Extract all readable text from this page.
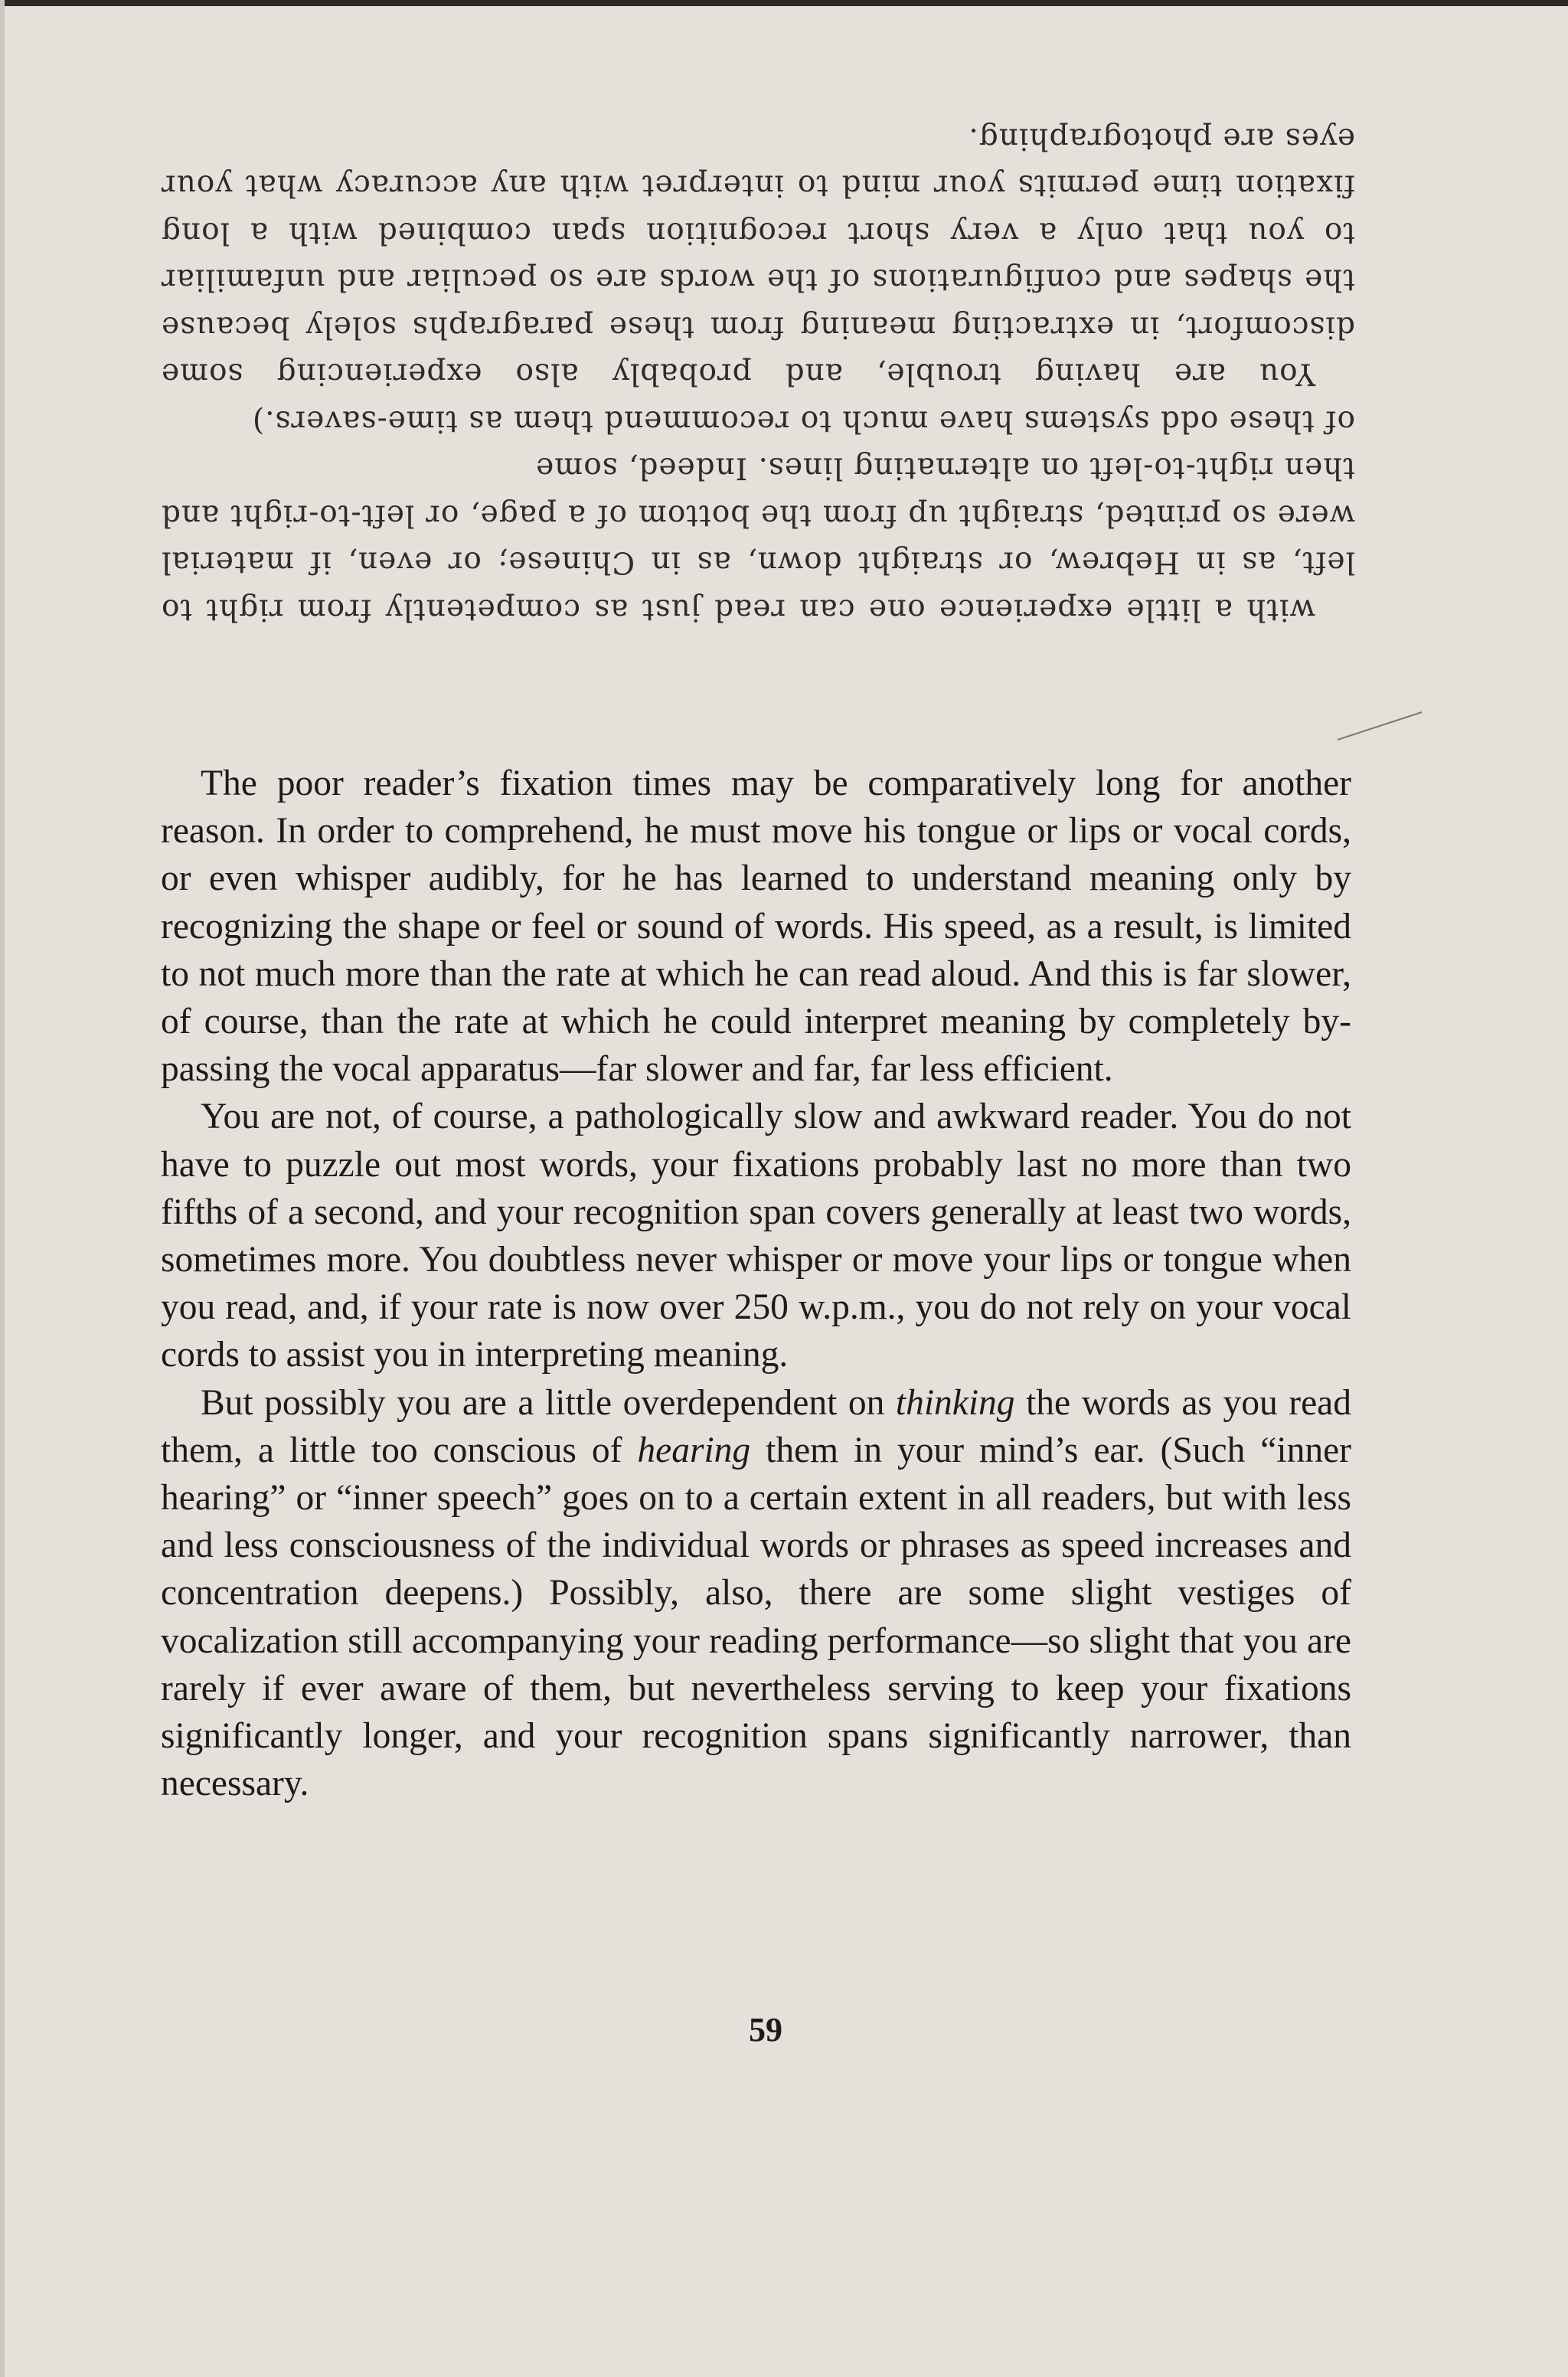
with a little experience one can read just as competently from right to left, as in Hebrew, or straight down, as in Chinese; or even, if material were so printed, straight up from the bottom of a page, or left-to-right and then right-to-left on alternating lines. Indeed, some

of these odd systems have much to recommend them as time-savers.)

You are having trouble, and probably also experiencing some discomfort, in extracting meaning from these paragraphs solely because the shapes and configurations of the words are so peculiar and unfamiliar to you that only a very short recognition span combined with a long fixation time permits your mind to interpret with any accuracy what your eyes are photographing.

The poor reader’s fixation times may be comparatively long for another reason. In order to comprehend, he must move his tongue or lips or vocal cords, or even whisper audibly, for he has learned to understand meaning only by recognizing the shape or feel or sound of words. His speed, as a result, is limited to not much more than the rate at which he can read aloud. And this is far slower, of course, than the rate at which he could interpret meaning by completely by-passing the vocal apparatus—far slower and far, far less efficient.

You are not, of course, a pathologically slow and awkward reader. You do not have to puzzle out most words, your fixations probably last no more than two fifths of a second, and your recognition span covers generally at least two words, sometimes more. You doubtless never whisper or move your lips or tongue when you read, and, if your rate is now over 250 w.p.m., you do not rely on your vocal cords to assist you in interpreting meaning.

But possibly you are a little overdependent on thinking the words as you read them, a little too conscious of hearing them in your mind’s ear. (Such “inner hearing” or “inner speech” goes on to a certain extent in all readers, but with less and less consciousness of the individual words or phrases as speed increases and concentration deepens.) Possibly, also, there are some slight vestiges of vocalization still accompanying your reading performance—so slight that you are rarely if ever aware of them, but nevertheless serving to keep your fixations significantly longer, and your recognition spans significantly narrower, than necessary.

59
